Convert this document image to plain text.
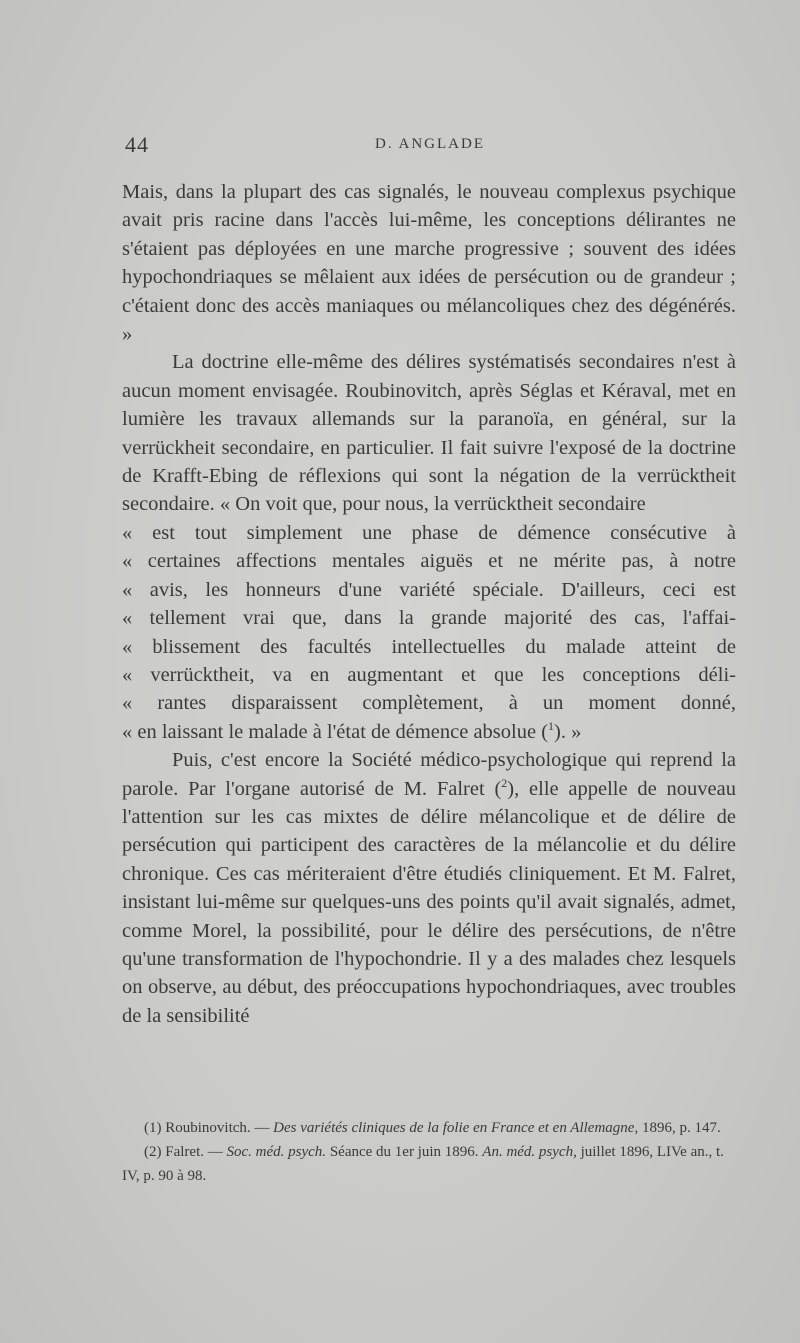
44	D. ANGLADE

Mais, dans la plupart des cas signalés, le nouveau complexus psychique avait pris racine dans l'accès lui-même, les conceptions délirantes ne s'étaient pas déployées en une marche progressive ; souvent des idées hypochondriaques se mêlaient aux idées de persécution ou de grandeur ; c'étaient donc des accès maniaques ou mélancoliques chez des dégénérés. »

La doctrine elle-même des délires systématisés secondaires n'est à aucun moment envisagée. Roubinovitch, après Séglas et Kéraval, met en lumière les travaux allemands sur la paranoïa, en général, sur la verrückheit secondaire, en particulier. Il fait suivre l'exposé de la doctrine de Krafft-Ebing de réflexions qui sont la négation de la verrücktheit secondaire. « On voit que, pour nous, la verrücktheit secondaire

« est tout simplement une phase de démence consécutive à

« certaines affections mentales aiguës et ne mérite pas, à notre

« avis, les honneurs d'une variété spéciale. D'ailleurs, ceci est

« tellement vrai que, dans la grande majorité des cas, l'affai-

« blissement des facultés intellectuelles du malade atteint de

« verrücktheit, va en augmentant et que les conceptions déli-

« rantes disparaissent complètement, à un moment donné,

« en laissant le malade à l'état de démence absolue ($^1$). »

Puis, c'est encore la Société médico-psychologique qui reprend la parole. Par l'organe autorisé de M. Falret ($^2$), elle appelle de nouveau l'attention sur les cas mixtes de délire mélancolique et de délire de persécution qui participent des caractères de la mélancolie et du délire chronique. Ces cas mériteraient d'être étudiés cliniquement. Et M. Falret, insistant lui-même sur quelques-uns des points qu'il avait signalés, admet, comme Morel, la possibilité, pour le délire des persécutions, de n'être qu'une transformation de l'hypochondrie. Il y a des malades chez lesquels on observe, au début, des préoccupations hypochondriaques, avec troubles de la sensibilité

(1) Roubinovitch. — Des variétés cliniques de la folie en France et en Allemagne, 1896, p. 147.

(2) Falret. — Soc. méd. psych. Séance du 1er juin 1896. An. méd. psych, juillet 1896, LIVe an., t. IV, p. 90 à 98.
